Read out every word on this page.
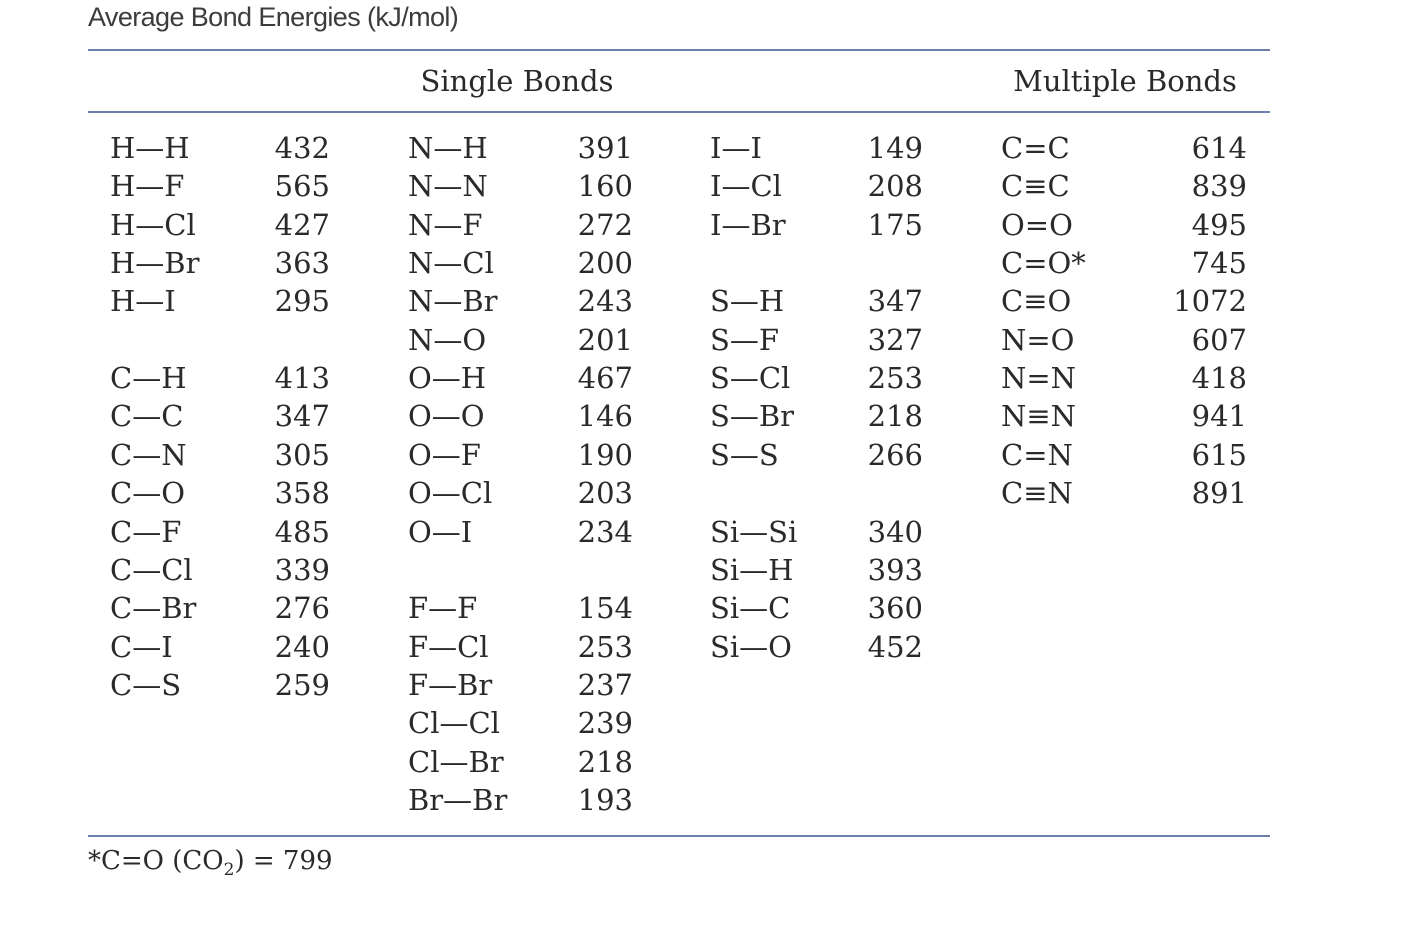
Average Bond Energies (kJ/mol)
Single Bonds	Multiple Bonds
H—H	432
H—F	565
H—Cl	427
H—Br	363
H—I	295
C—H	413
C—C	347
C—N	305
C—O	358
C—F	485
C—Cl	339
C—Br	276
C—I	240
C—S	259
N—H	391
N—N	160
N—F	272
N—Cl	200
N—Br	243
N—O	201
O—H	467
O—O	146
O—F	190
O—Cl	203
O—I	234
F—F	154
F—Cl	253
F—Br	237
Cl—Cl	239
Cl—Br	218
Br—Br	193
I—I	149
I—Cl	208
I—Br	175
S—H	347
S—F	327
S—Cl	253
S—Br	218
S—S	266
Si—Si	340
Si—H	393
Si—C	360
Si—O	452
C=C	614
C≡C	839
O=O	495
C=O*	745
C≡O	1072
N=O	607
N=N	418
N≡N	941
C=N	615
C≡N	891
*C=O $(CO_2) = 799$
